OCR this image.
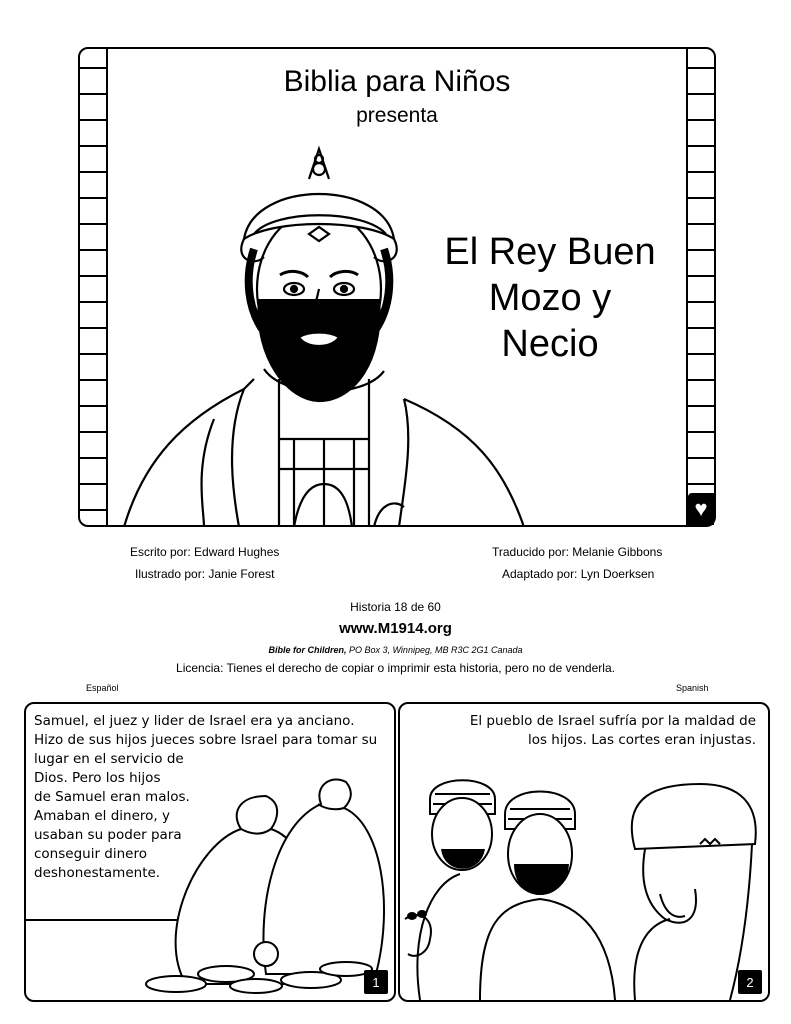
Biblia para Niños
presenta
El Rey Buen
Mozo y
Necio
♥
Escrito por: Edward Hughes
Ilustrado por: Janie Forest
Traducido por: Melanie Gibbons
Adaptado por: Lyn Doerksen
Historia 18 de 60
www.M1914.org
Bible for Children, PO Box 3, Winnipeg, MB R3C 2G1 Canada
Licencia: Tienes el derecho de copiar o imprimir esta historia, pero no de venderla.
Español	Spanish
Samuel, el juez y lider de Israel era ya anciano.
Hizo de sus hijos jueces sobre Israel para tomar su
lugar en el servicio de
Dios. Pero los hijos
de Samuel eran malos.
Amaban el dinero, y
usaban su poder para
conseguir dinero
deshonestamente.
1
El pueblo de Israel sufría por la maldad de
los hijos. Las cortes eran injustas.
2
